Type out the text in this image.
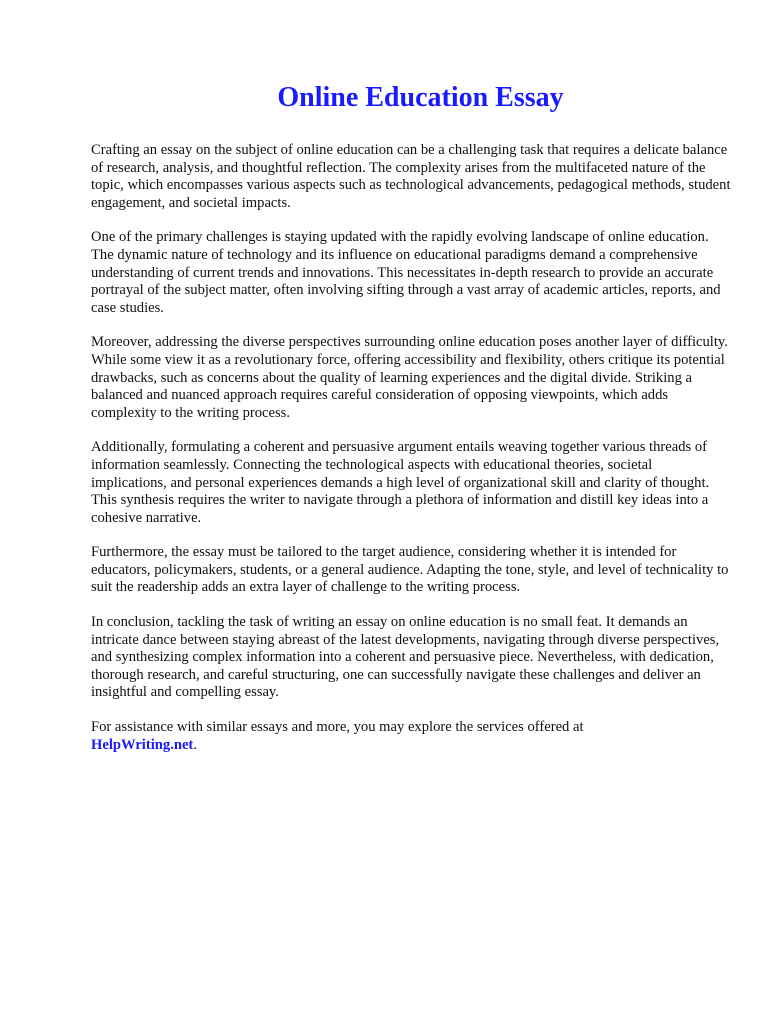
Online Education Essay

Crafting an essay on the subject of online education can be a challenging task that requires a delicate balance of research, analysis, and thoughtful reflection. The complexity arises from the multifaceted nature of the topic, which encompasses various aspects such as technological advancements, pedagogical methods, student engagement, and societal impacts.

One of the primary challenges is staying updated with the rapidly evolving landscape of online education. The dynamic nature of technology and its influence on educational paradigms demand a comprehensive understanding of current trends and innovations. This necessitates in-depth research to provide an accurate portrayal of the subject matter, often involving sifting through a vast array of academic articles, reports, and case studies.

Moreover, addressing the diverse perspectives surrounding online education poses another layer of difficulty. While some view it as a revolutionary force, offering accessibility and flexibility, others critique its potential drawbacks, such as concerns about the quality of learning experiences and the digital divide. Striking a balanced and nuanced approach requires careful consideration of opposing viewpoints, which adds complexity to the writing process.

Additionally, formulating a coherent and persuasive argument entails weaving together various threads of information seamlessly. Connecting the technological aspects with educational theories, societal implications, and personal experiences demands a high level of organizational skill and clarity of thought. This synthesis requires the writer to navigate through a plethora of information and distill key ideas into a cohesive narrative.

Furthermore, the essay must be tailored to the target audience, considering whether it is intended for educators, policymakers, students, or a general audience. Adapting the tone, style, and level of technicality to suit the readership adds an extra layer of challenge to the writing process.

In conclusion, tackling the task of writing an essay on online education is no small feat. It demands an intricate dance between staying abreast of the latest developments, navigating through diverse perspectives, and synthesizing complex information into a coherent and persuasive piece. Nevertheless, with dedication, thorough research, and careful structuring, one can successfully navigate these challenges and deliver an insightful and compelling essay.

For assistance with similar essays and more, you may explore the services offered at
HelpWriting.net.
